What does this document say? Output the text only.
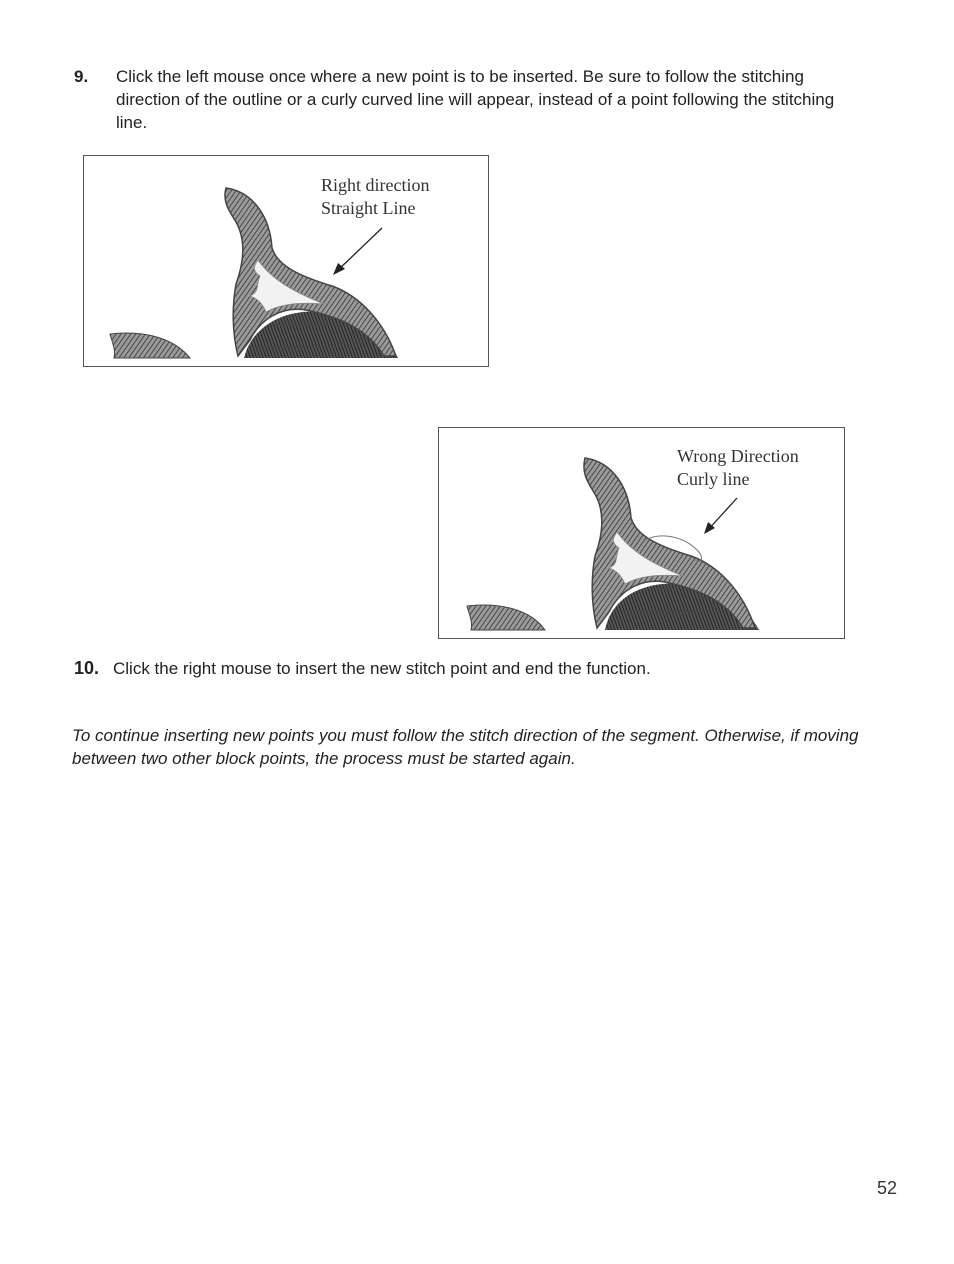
9. Click the left mouse once where a new point is to be inserted. Be sure to follow the stitching direction of the outline or a curly curved line will appear, instead of a point following the stitching line.
Right direction
Straight Line
Wrong Direction
Curly line
10. Click the right mouse to insert the new stitch point and end the function.
To continue inserting new points you must follow the stitch direction of the segment. Otherwise, if moving between two other block points, the process must be started again.
52
